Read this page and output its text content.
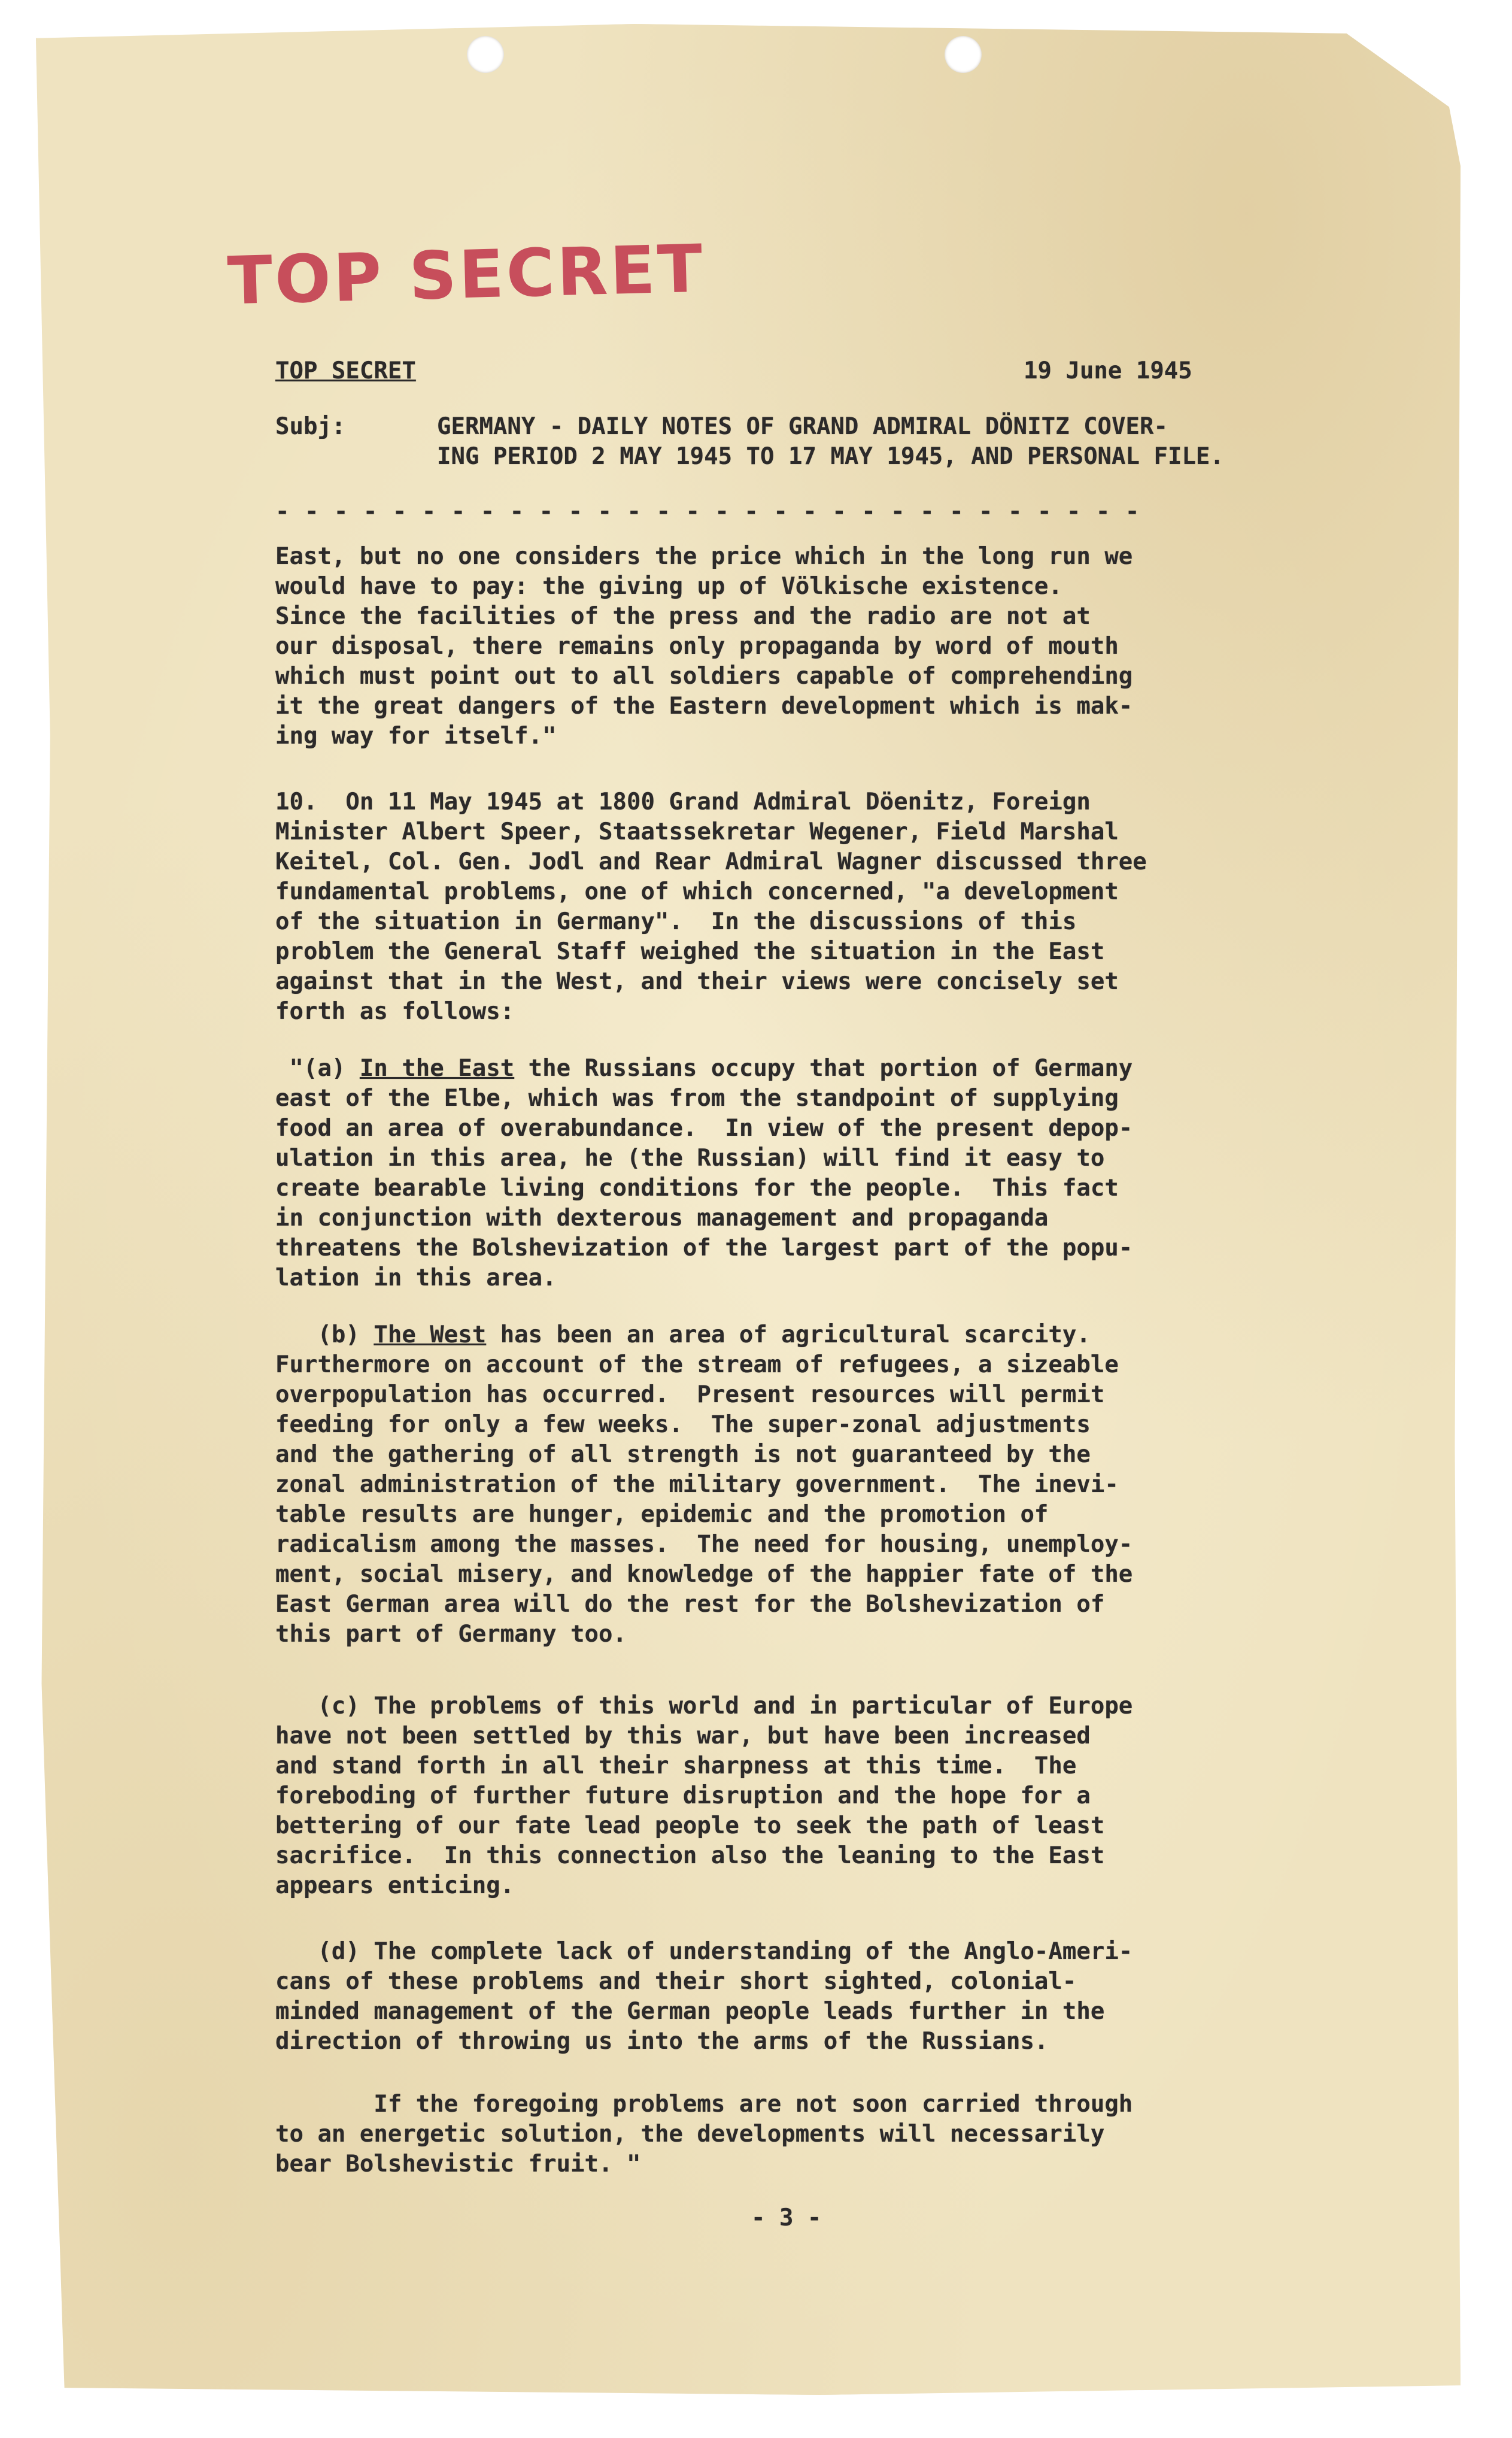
TOP SECRET

TOP SECRET	19 June 1945

Subj:	GERMANY - DAILY NOTES OF GRAND ADMIRAL DÖNITZ COVER-
ING PERIOD 2 MAY 1945 TO 17 MAY 1945, AND PERSONAL FILE.

- - - - - - - - - - - - - - - - - - - - - - - - - - - - - -

East, but no one considers the price which in the long run we
would have to pay: the giving up of Völkische existence.
Since the facilities of the press and the radio are not at
our disposal, there remains only propaganda by word of mouth
which must point out to all soldiers capable of comprehending
it the great dangers of the Eastern development which is mak-
ing way for itself."
10.  On 11 May 1945 at 1800 Grand Admiral Döenitz, Foreign
Minister Albert Speer, Staatssekretar Wegener, Field Marshal
Keitel, Col. Gen. Jodl and Rear Admiral Wagner discussed three
fundamental problems, one of which concerned, "a development
of the situation in Germany".  In the discussions of this
problem the General Staff weighed the situation in the East
against that in the West, and their views were concisely set
forth as follows:
"(a) In the East the Russians occupy that portion of Germany
east of the Elbe, which was from the standpoint of supplying
food an area of overabundance.  In view of the present depop-
ulation in this area, he (the Russian) will find it easy to
create bearable living conditions for the people.  This fact
in conjunction with dexterous management and propaganda
threatens the Bolshevization of the largest part of the popu-
lation in this area.
(b) The West has been an area of agricultural scarcity.
Furthermore on account of the stream of refugees, a sizeable
overpopulation has occurred.  Present resources will permit
feeding for only a few weeks.  The super-zonal adjustments
and the gathering of all strength is not guaranteed by the
zonal administration of the military government.  The inevi-
table results are hunger, epidemic and the promotion of
radicalism among the masses.  The need for housing, unemploy-
ment, social misery, and knowledge of the happier fate of the
East German area will do the rest for the Bolshevization of
this part of Germany too.
(c) The problems of this world and in particular of Europe
have not been settled by this war, but have been increased
and stand forth in all their sharpness at this time.  The
foreboding of further future disruption and the hope for a
bettering of our fate lead people to seek the path of least
sacrifice.  In this connection also the leaning to the East
appears enticing.
(d) The complete lack of understanding of the Anglo-Ameri-
cans of these problems and their short sighted, colonial-
minded management of the German people leads further in the
direction of throwing us into the arms of the Russians.
If the foregoing problems are not soon carried through
to an energetic solution, the developments will necessarily
bear Bolshevistic fruit. "

- 3 -
